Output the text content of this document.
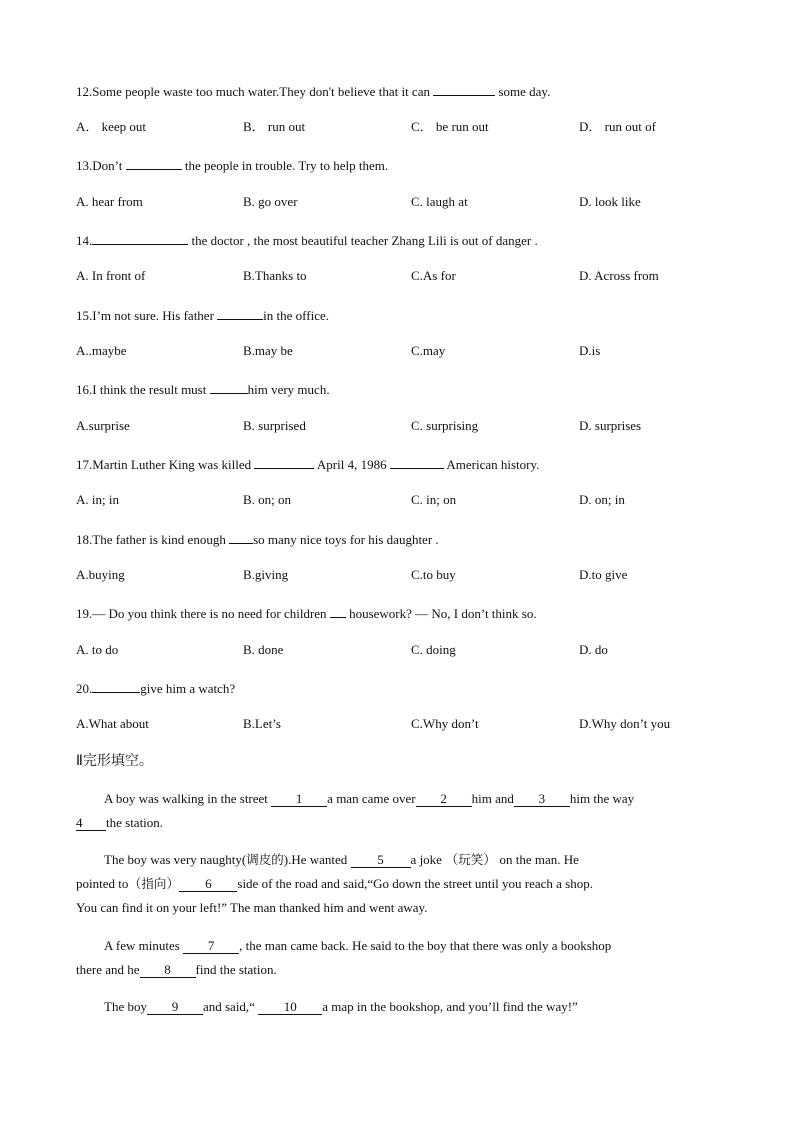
12.Some people waste too much water.They don't believe that it can	some day.
A． keep out	B． run out	C． be run out	D． run out of
13.Don’t	the people in trouble. Try to help them.
A. hear from	B. go over	C. laugh at	D. look like
14.	the doctor , the most beautiful teacher Zhang Lili is out of danger .
A. In front of	B.Thanks to	C.As for	D. Across from
15.I’m not sure. His father	in the office.
A..maybe	B.may be	C.may	D.is
16.I think the result must	him very much.
A.surprise	B. surprised	C. surprising	D. surprises
17.Martin Luther King was killed	April 4, 1986	American history.
A. in; in	B. on; on	C. in; on	D. on; in
18.The father is kind enough so many nice toys for his daughter .
A.buying	B.giving	C.to buy	D.to give
19.— Do you think there is no need for children  housework? — No, I don’t think so.
A. to do	B. done	C. doing	D. do
20.	give him a watch?
A.What about	B.Let’s	C.Why don’t	D.Why don’t you
Ⅱ完形填空。
A boy was walking in the street 1 a man came over 2 him and 3 him the way
4 the station.
The boy was very naughty(调皮的).He wanted 5 a joke （玩笑） on the man. He
pointed to（指向） 6 side of the road and said,“Go down the street until you reach a shop.
You can find it on your left!” The man thanked him and went away.
A few minutes 7 , the man came back. He said to the boy that there was only a bookshop
there and he 8 find the station.
The boy 9 and said,“ 10 a map in the bookshop, and you’ll find the way!”
